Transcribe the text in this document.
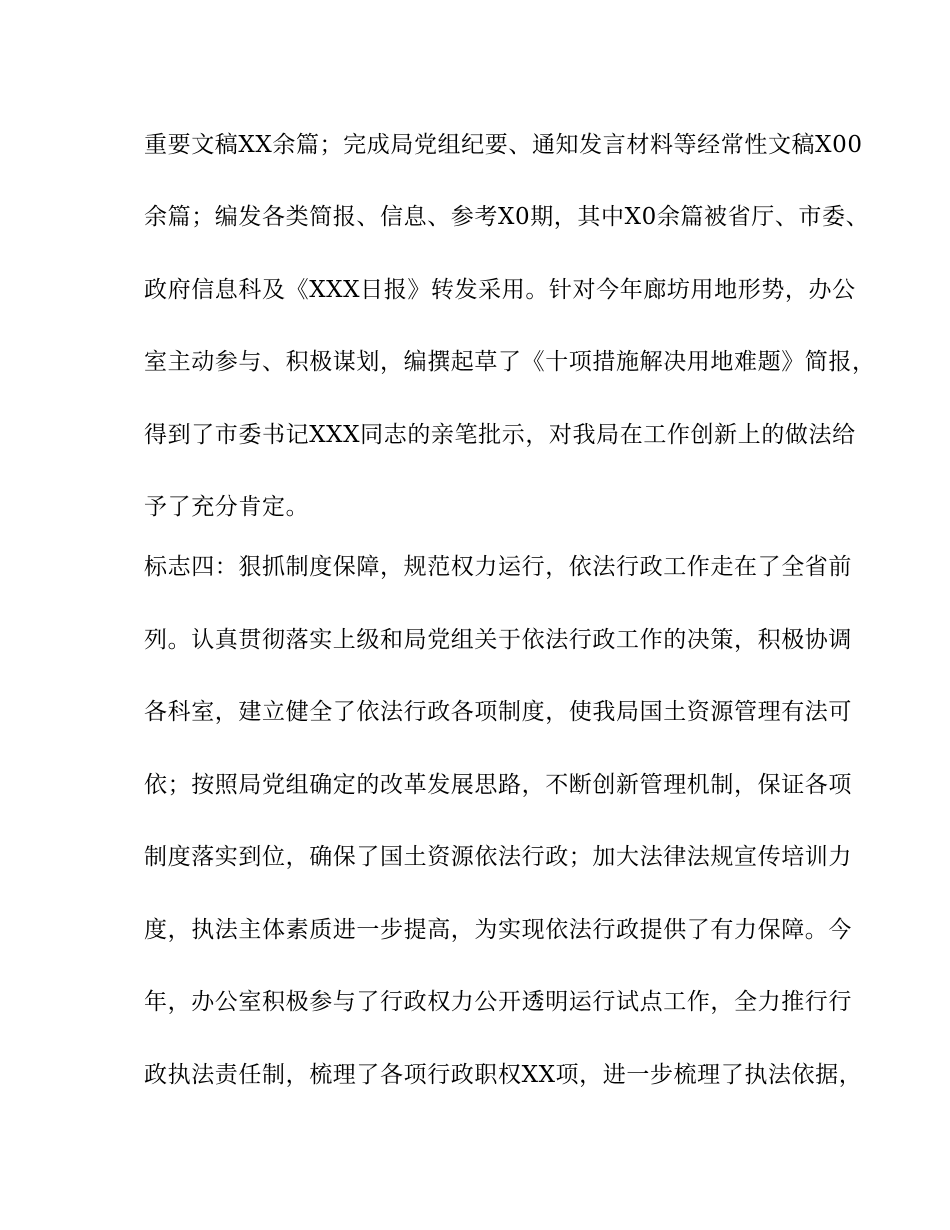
重要文稿XX余篇；完成局党组纪要、通知发言材料等经常性文稿X00

余篇；编发各类简报、信息、参考X0期，其中X0余篇被省厅、市委、

政府信息科及《XXX日报》转发采用。针对今年廊坊用地形势，办公

室主动参与、积极谋划，编撰起草了《十项措施解决用地难题》简报，

得到了市委书记XXX同志的亲笔批示，对我局在工作创新上的做法给

予了充分肯定。

标志四：狠抓制度保障，规范权力运行，依法行政工作走在了全省前

列。认真贯彻落实上级和局党组关于依法行政工作的决策，积极协调

各科室，建立健全了依法行政各项制度，使我局国土资源管理有法可

依；按照局党组确定的改革发展思路，不断创新管理机制，保证各项

制度落实到位，确保了国土资源依法行政；加大法律法规宣传培训力

度，执法主体素质进一步提高，为实现依法行政提供了有力保障。今

年，办公室积极参与了行政权力公开透明运行试点工作，全力推行行

政执法责任制，梳理了各项行政职权XX项，进一步梳理了执法依据，
